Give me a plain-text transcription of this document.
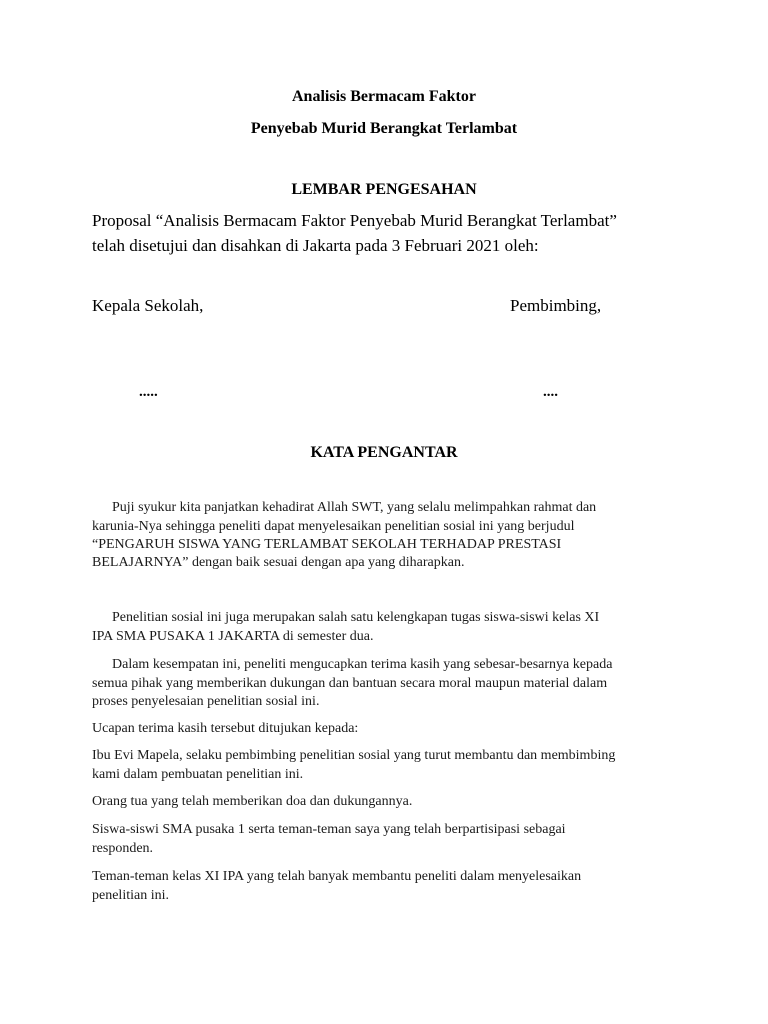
Analisis Bermacam Faktor
Penyebab Murid Berangkat Terlambat
LEMBAR PENGESAHAN
Proposal “Analisis Bermacam Faktor Penyebab Murid Berangkat Terlambat”
telah disetujui dan disahkan di Jakarta pada 3 Februari 2021 oleh:
Kepala Sekolah,	Pembimbing,
.....	....
KATA PENGANTAR
Puji syukur kita panjatkan kehadirat Allah SWT, yang selalu melimpahkan rahmat dan
karunia-Nya sehingga peneliti dapat menyelesaikan penelitian sosial ini yang berjudul
“PENGARUH SISWA YANG TERLAMBAT SEKOLAH TERHADAP PRESTASI
BELAJARNYA” dengan baik sesuai dengan apa yang diharapkan.
Penelitian sosial ini juga merupakan salah satu kelengkapan tugas siswa-siswi kelas XI
IPA SMA PUSAKA 1 JAKARTA di semester dua.
Dalam kesempatan ini, peneliti mengucapkan terima kasih yang sebesar-besarnya kepada
semua pihak yang memberikan dukungan dan bantuan secara moral maupun material dalam
proses penyelesaian penelitian sosial ini.
Ucapan terima kasih tersebut ditujukan kepada:
Ibu Evi Mapela, selaku pembimbing penelitian sosial yang turut membantu dan membimbing
kami dalam pembuatan penelitian ini.
Orang tua yang telah memberikan doa dan dukungannya.
Siswa-siswi SMA pusaka 1 serta teman-teman saya yang telah berpartisipasi sebagai
responden.
Teman-teman kelas XI IPA yang telah banyak membantu peneliti dalam menyelesaikan
penelitian ini.
